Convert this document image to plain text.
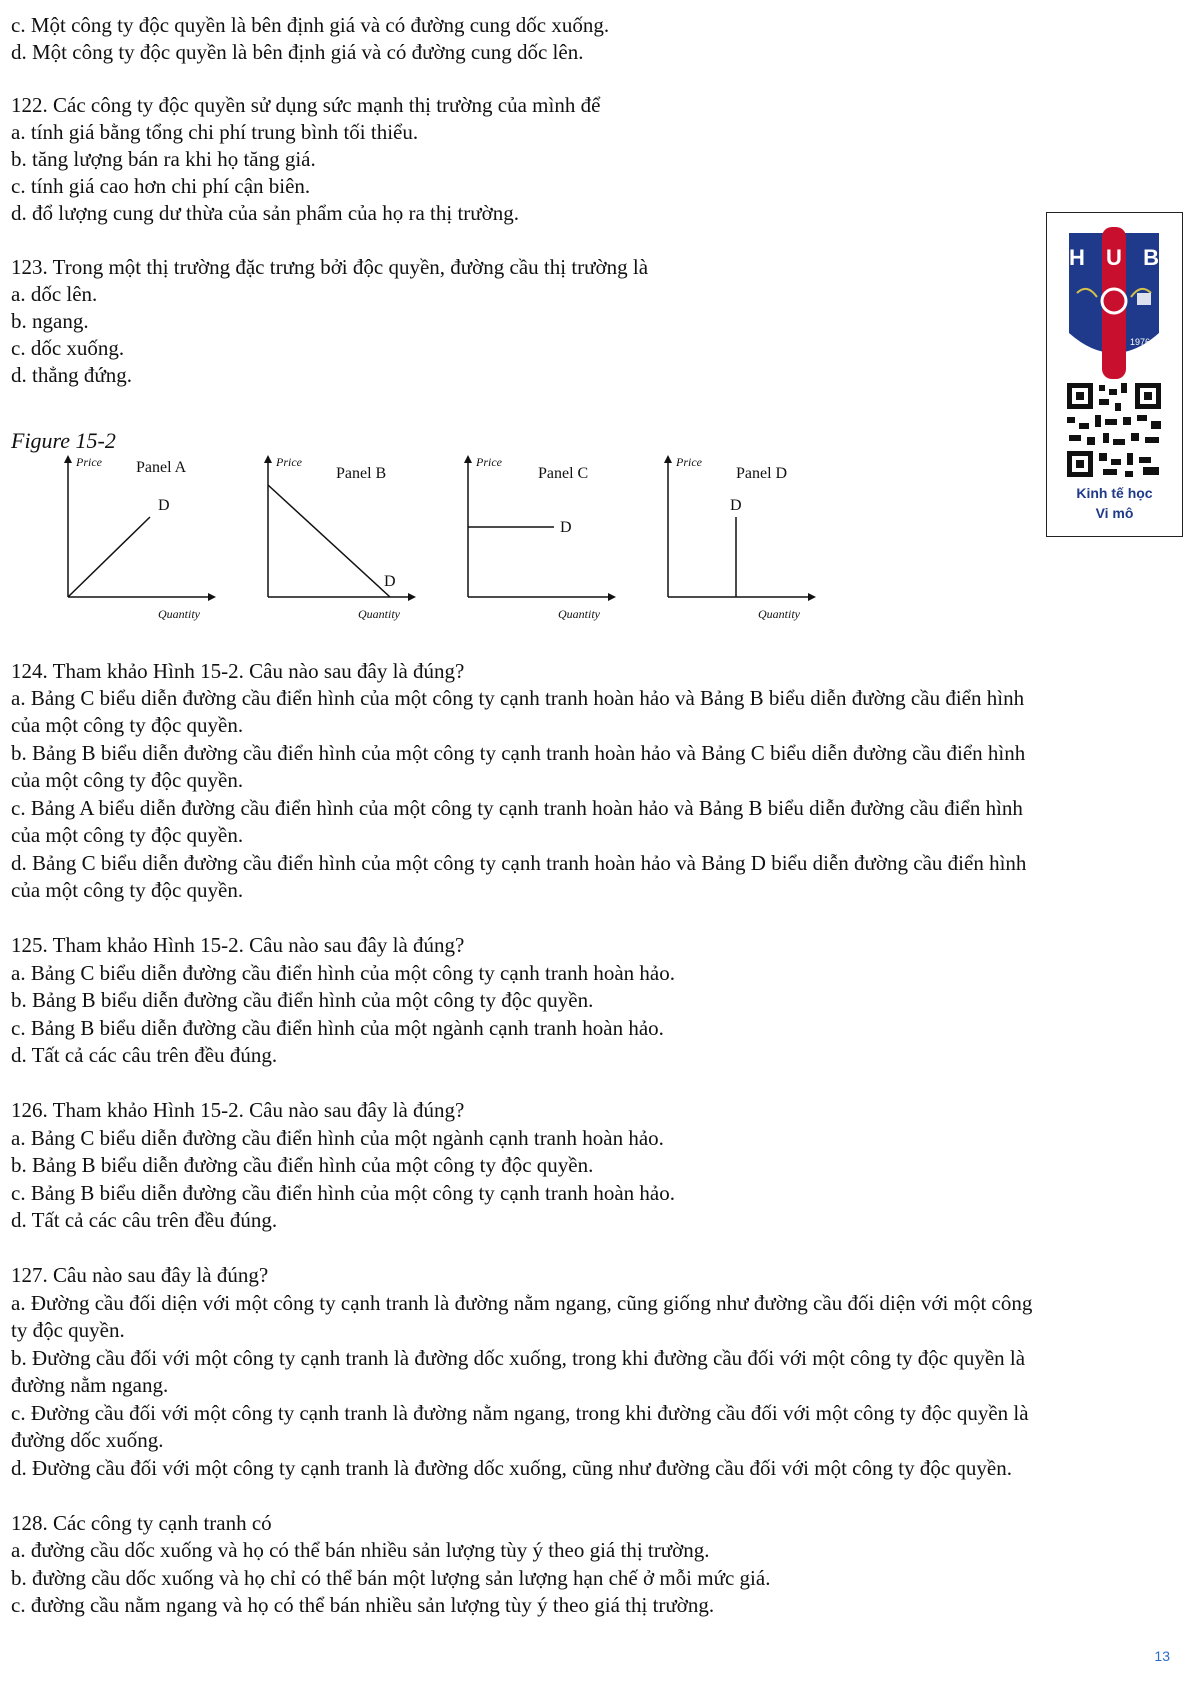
c. Một công ty độc quyền là bên định giá và có đường cung dốc xuống.
d. Một công ty độc quyền là bên định giá và có đường cung dốc lên.
122. Các công ty độc quyền sử dụng sức mạnh thị trường của mình để
a. tính giá bằng tổng chi phí trung bình tối thiểu.
b. tăng lượng bán ra khi họ tăng giá.
c. tính giá cao hơn chi phí cận biên.
d. đổ lượng cung dư thừa của sản phẩm của họ ra thị trường.
123. Trong một thị trường đặc trưng bởi độc quyền, đường cầu thị trường là
a. dốc lên.
b. ngang.
c. dốc xuống.
d. thẳng đứng.
Figure 15-2
Price Panel A
D
Quantity
Price
Panel B
D
Quantity
Price
Panel C
D
Quantity
Price
Panel D
D
Quantity
124. Tham khảo Hình 15-2. Câu nào sau đây là đúng?
a. Bảng C biểu diễn đường cầu điển hình của một công ty cạnh tranh hoàn hảo và Bảng B biểu diễn đường cầu điển hình
của một công ty độc quyền.
b. Bảng B biểu diễn đường cầu điển hình của một công ty cạnh tranh hoàn hảo và Bảng C biểu diễn đường cầu điển hình
của một công ty độc quyền.
c. Bảng A biểu diễn đường cầu điển hình của một công ty cạnh tranh hoàn hảo và Bảng B biểu diễn đường cầu điển hình
của một công ty độc quyền.
d. Bảng C biểu diễn đường cầu điển hình của một công ty cạnh tranh hoàn hảo và Bảng D biểu diễn đường cầu điển hình
của một công ty độc quyền.
125. Tham khảo Hình 15-2. Câu nào sau đây là đúng?
a. Bảng C biểu diễn đường cầu điển hình của một công ty cạnh tranh hoàn hảo.
b. Bảng B biểu diễn đường cầu điển hình của một công ty độc quyền.
c. Bảng B biểu diễn đường cầu điển hình của một ngành cạnh tranh hoàn hảo.
d. Tất cả các câu trên đều đúng.
126. Tham khảo Hình 15-2. Câu nào sau đây là đúng?
a. Bảng C biểu diễn đường cầu điển hình của một ngành cạnh tranh hoàn hảo.
b. Bảng B biểu diễn đường cầu điển hình của một công ty độc quyền.
c. Bảng B biểu diễn đường cầu điển hình của một công ty cạnh tranh hoàn hảo.
d. Tất cả các câu trên đều đúng.
127. Câu nào sau đây là đúng?
a. Đường cầu đối diện với một công ty cạnh tranh là đường nằm ngang, cũng giống như đường cầu đối diện với một công
ty độc quyền.
b. Đường cầu đối với một công ty cạnh tranh là đường dốc xuống, trong khi đường cầu đối với một công ty độc quyền là
đường nằm ngang.
c. Đường cầu đối với một công ty cạnh tranh là đường nằm ngang, trong khi đường cầu đối với một công ty độc quyền là
đường dốc xuống.
d. Đường cầu đối với một công ty cạnh tranh là đường dốc xuống, cũng như đường cầu đối với một công ty độc quyền.
128. Các công ty cạnh tranh có
a. đường cầu dốc xuống và họ có thể bán nhiều sản lượng tùy ý theo giá thị trường.
b. đường cầu dốc xuống và họ chỉ có thể bán một lượng sản lượng hạn chế ở mỗi mức giá.
c. đường cầu nằm ngang và họ có thể bán nhiều sản lượng tùy ý theo giá thị trường.
H U B
1976
Kinh tế học
Vi mô
13
